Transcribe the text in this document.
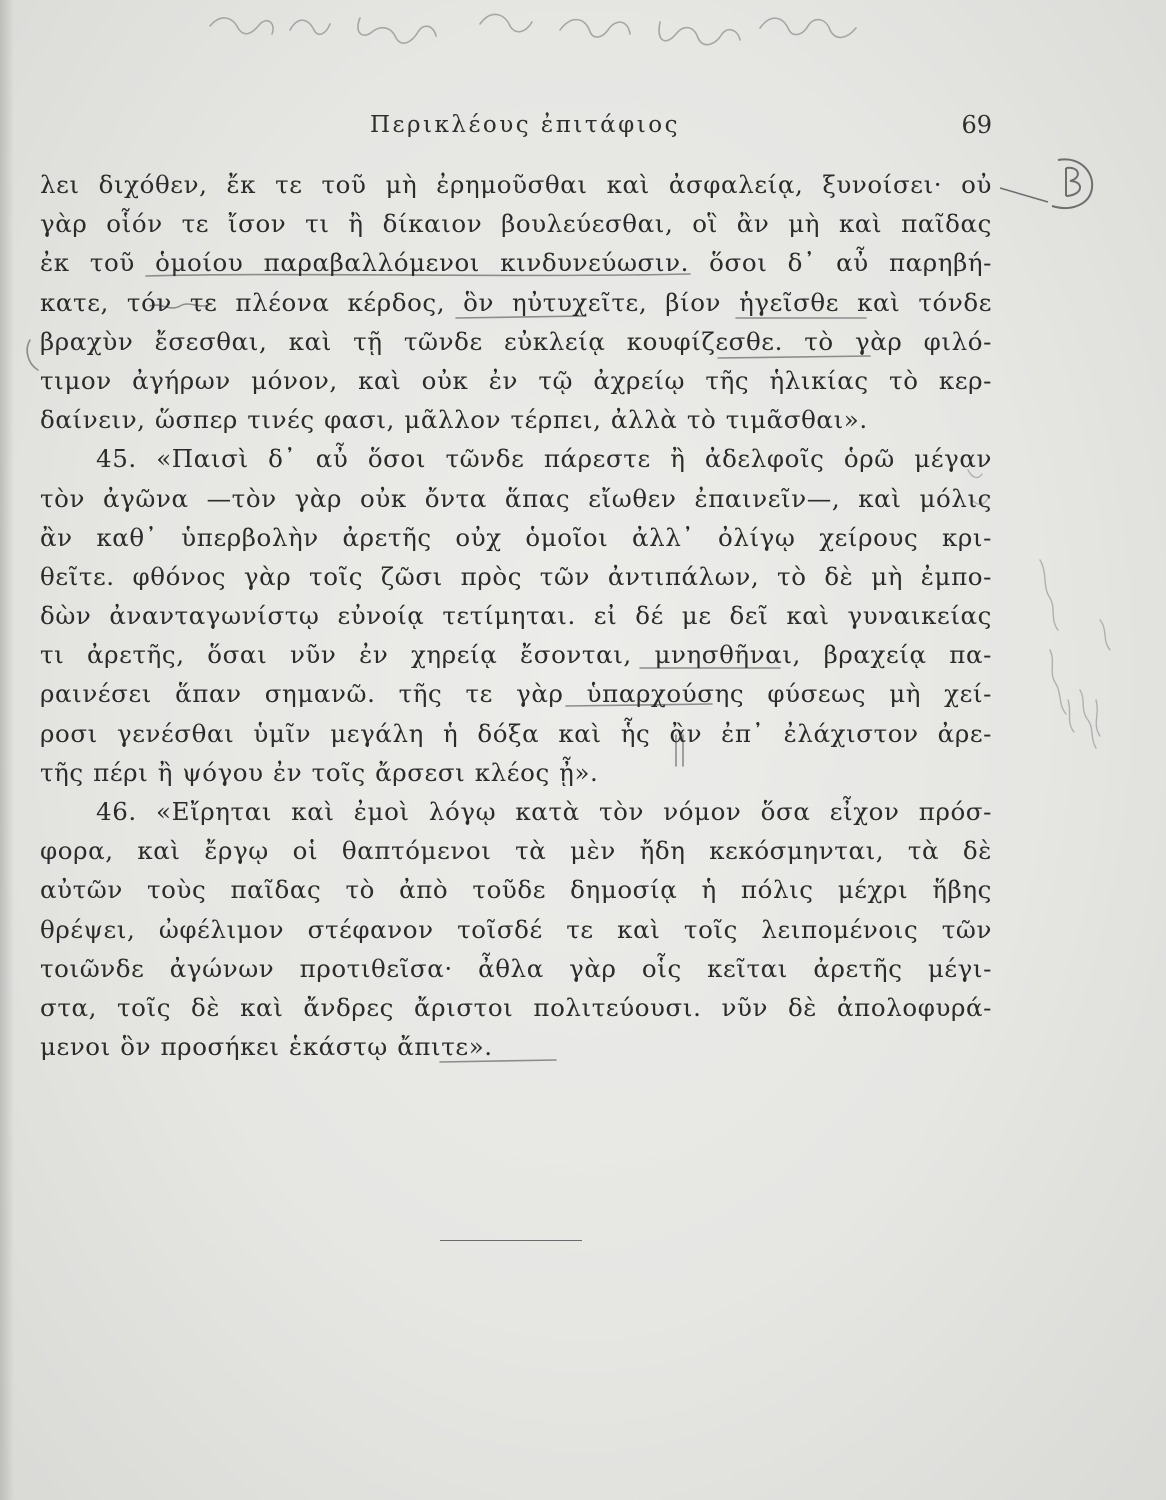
Περικλέους ἐπιτάφιος	69
λει διχόθεν, ἔκ τε τοῦ μὴ ἐρημοῦσθαι καὶ ἀσφαλείᾳ, ξυνοίσει· οὐ
γὰρ οἷόν τε ἴσον τι ἢ δίκαιον βουλεύεσθαι, οἳ ἂν μὴ καὶ παῖδας
ἐκ τοῦ ὁμοίου παραβαλλόμενοι κινδυνεύωσιν. ὅσοι δ᾽ αὖ παρηβή-
κατε, τόν τε πλέονα κέρδος, ὃν ηὐτυχεῖτε, βίον ἡγεῖσθε καὶ τόνδε
βραχὺν ἔσεσθαι, καὶ τῇ τῶνδε εὐκλείᾳ κουφίζεσθε. τὸ γὰρ φιλό-
τιμον ἀγήρων μόνον, καὶ οὐκ ἐν τῷ ἀχρείῳ τῆς ἡλικίας τὸ κερ-
δαίνειν, ὥσπερ τινές φασι, μᾶλλον τέρπει, ἀλλὰ τὸ τιμᾶσθαι».
45. «Παισὶ δ᾽ αὖ ὅσοι τῶνδε πάρεστε ἢ ἀδελφοῖς ὁρῶ μέγαν
τὸν ἀγῶνα —τὸν γὰρ οὐκ ὄντα ἅπας εἴωθεν ἐπαινεῖν—, καὶ μόλις
ἂν καθ᾽ ὑπερβολὴν ἀρετῆς οὐχ ὁμοῖοι ἀλλ᾽ ὀλίγῳ χείρους κρι-
θεῖτε. φθόνος γὰρ τοῖς ζῶσι πρὸς τῶν ἀντιπάλων, τὸ δὲ μὴ ἐμπο-
δὼν ἀνανταγωνίστῳ εὐνοίᾳ τετίμηται. εἰ δέ με δεῖ καὶ γυναικείας
τι ἀρετῆς, ὅσαι νῦν ἐν χηρείᾳ ἔσονται, μνησθῆναι, βραχείᾳ πα-
ραινέσει ἅπαν σημανῶ. τῆς τε γὰρ ὑπαρχούσης φύσεως μὴ χεί-
ροσι γενέσθαι ὑμῖν μεγάλη ἡ δόξα καὶ ἧς ἂν ἐπ᾽ ἐλάχιστον ἀρε-
τῆς πέρι ἢ ψόγου ἐν τοῖς ἄρσεσι κλέος ᾖ».
46. «Εἴρηται καὶ ἐμοὶ λόγῳ κατὰ τὸν νόμον ὅσα εἶχον πρόσ-
φορα, καὶ ἔργῳ οἱ θαπτόμενοι τὰ μὲν ἤδη κεκόσμηνται, τὰ δὲ
αὐτῶν τοὺς παῖδας τὸ ἀπὸ τοῦδε δημοσίᾳ ἡ πόλις μέχρι ἥβης
θρέψει, ὠφέλιμον στέφανον τοῖσδέ τε καὶ τοῖς λειπομένοις τῶν
τοιῶνδε ἀγώνων προτιθεῖσα· ἆθλα γὰρ οἷς κεῖται ἀρετῆς μέγι-
στα, τοῖς δὲ καὶ ἄνδρες ἄριστοι πολιτεύουσι. νῦν δὲ ἀπολοφυρά-
μενοι ὃν προσήκει ἑκάστῳ ἄπιτε».
